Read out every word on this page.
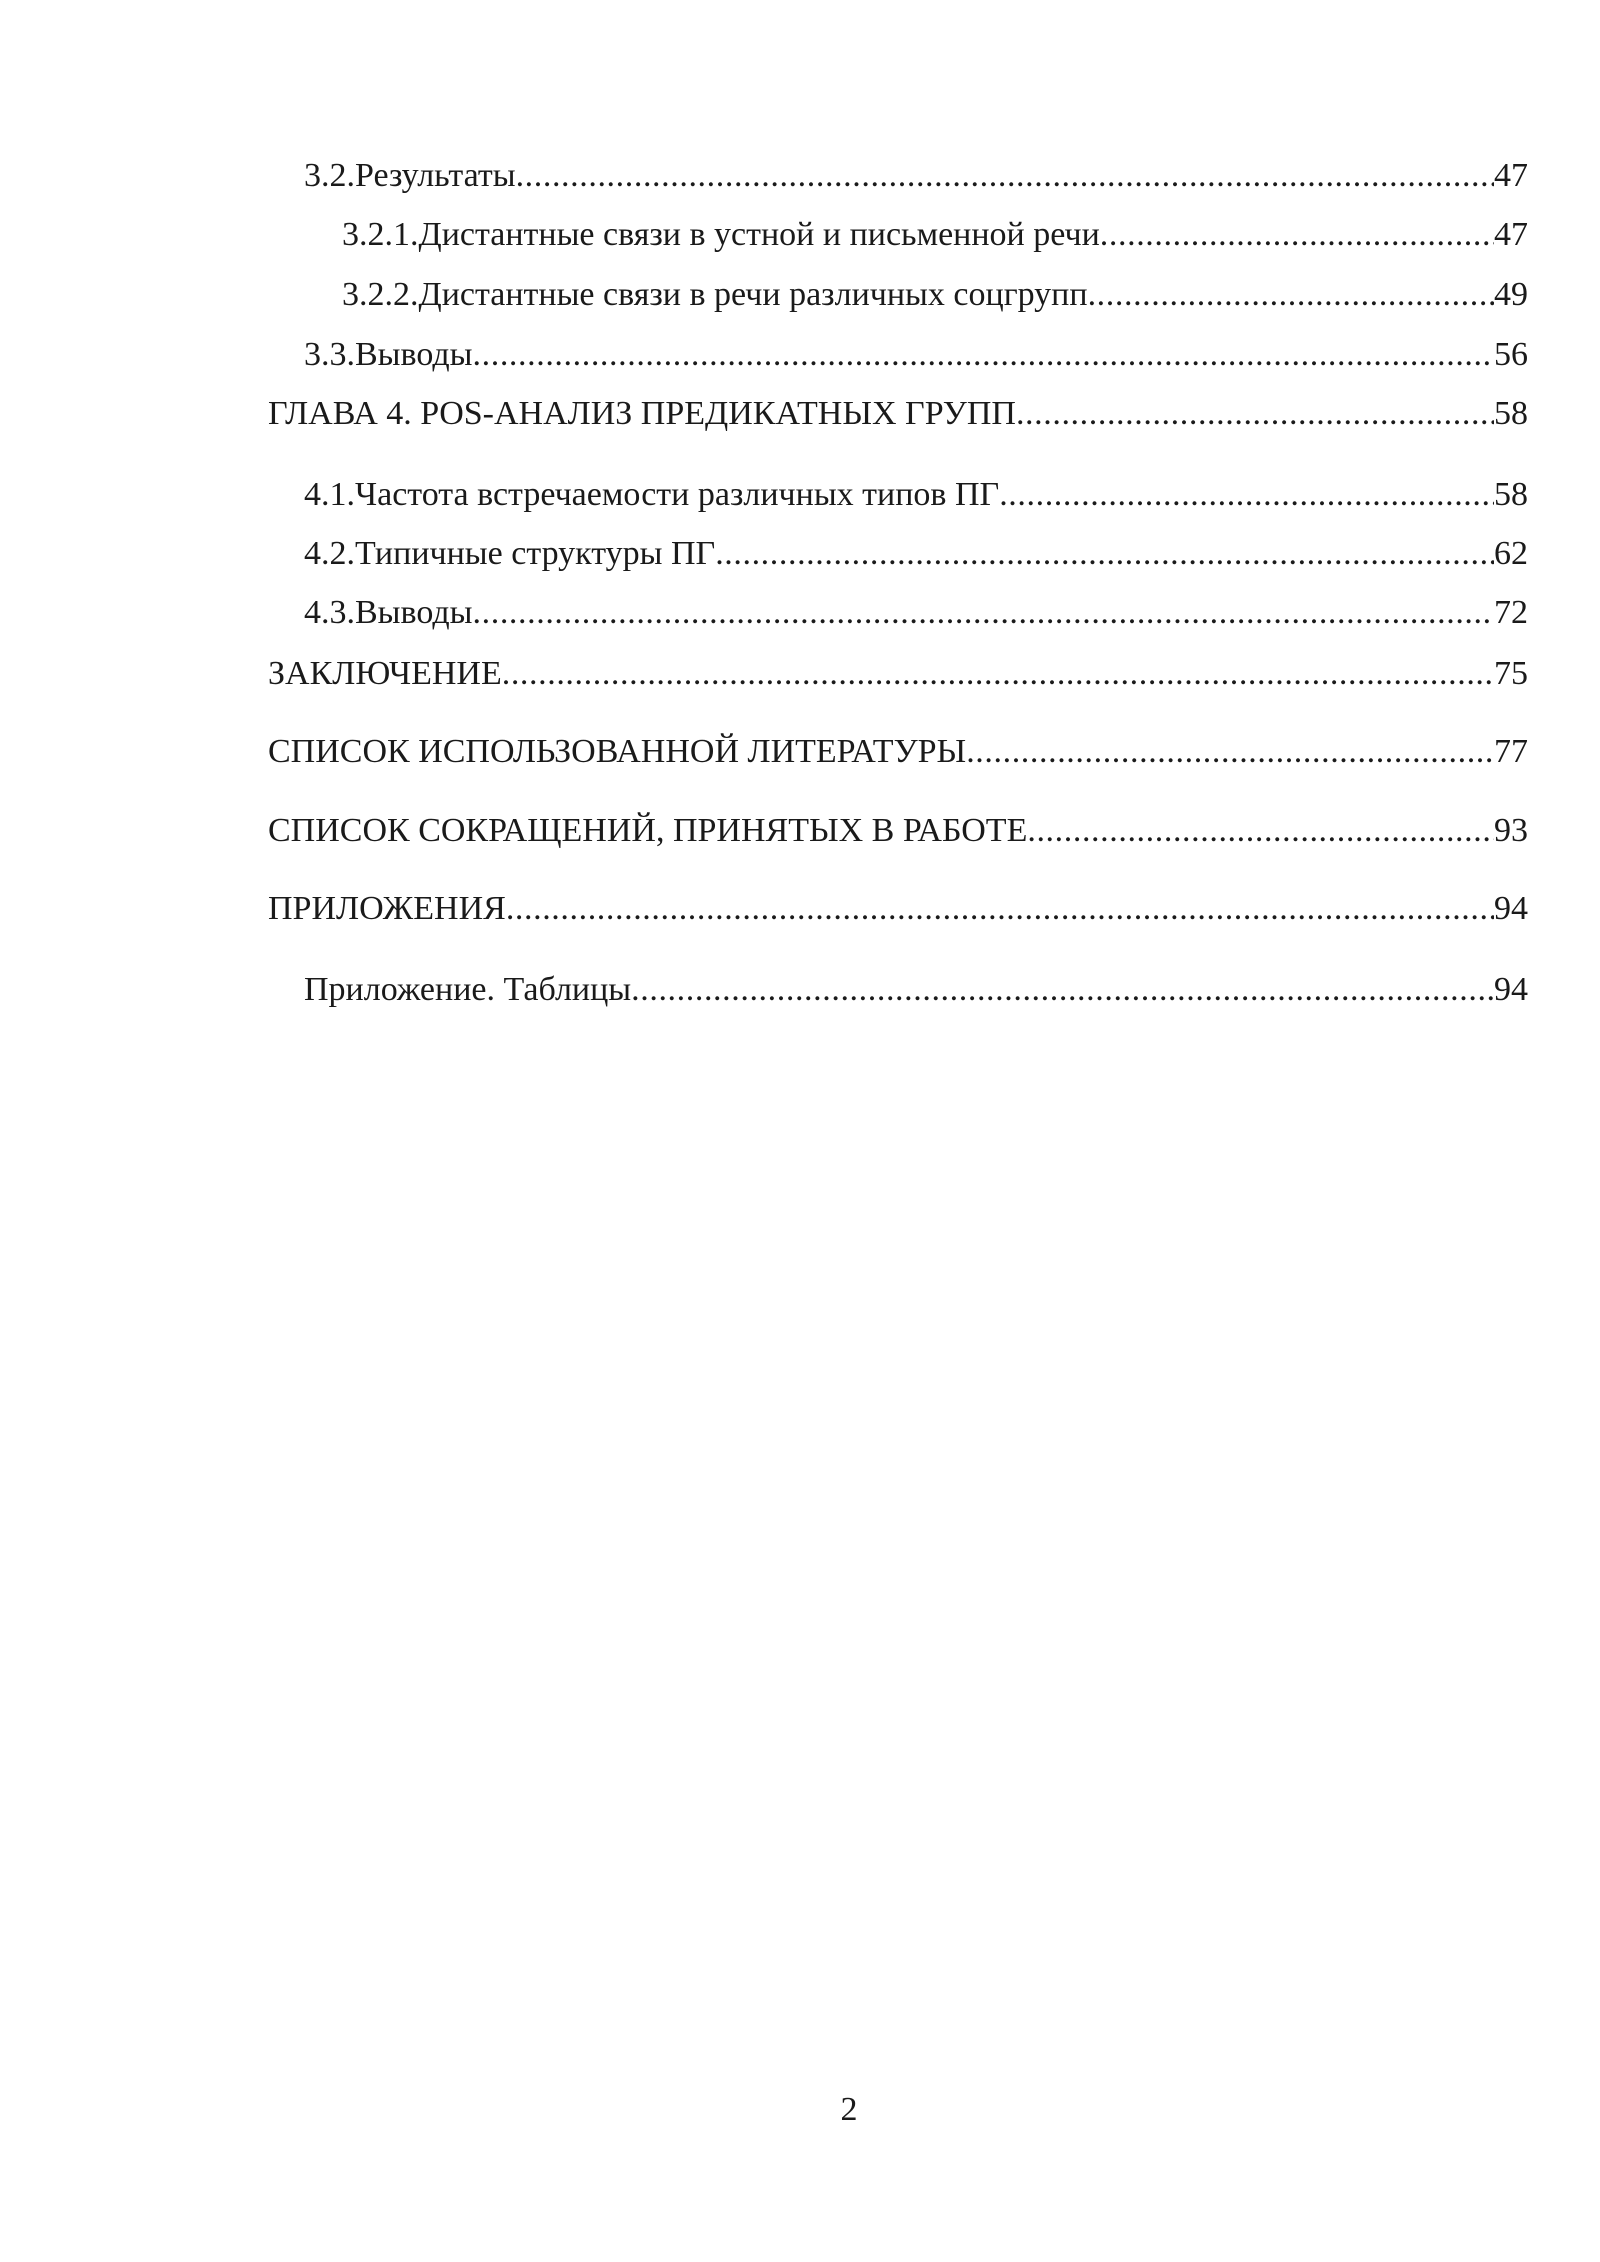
3.2. Результаты .....	47
3.2.1. Дистантные связи в устной и письменной речи .....	47
3.2.2. Дистантные связи в речи различных соцгрупп .....	49
3.3. Выводы .....	56
ГЛАВА 4. POS-АНАЛИЗ ПРЕДИКАТНЫХ ГРУПП .....	58
4.1. Частота встречаемости различных типов ПГ .....	58
4.2. Типичные структуры ПГ .....	62
4.3. Выводы .....	72
ЗАКЛЮЧЕНИЕ .....	75
СПИСОК ИСПОЛЬЗОВАННОЙ ЛИТЕРАТУРЫ .....	77
СПИСОК СОКРАЩЕНИЙ, ПРИНЯТЫХ В РАБОТЕ .....	93
ПРИЛОЖЕНИЯ .....	94
Приложение. Таблицы .....	94
2
